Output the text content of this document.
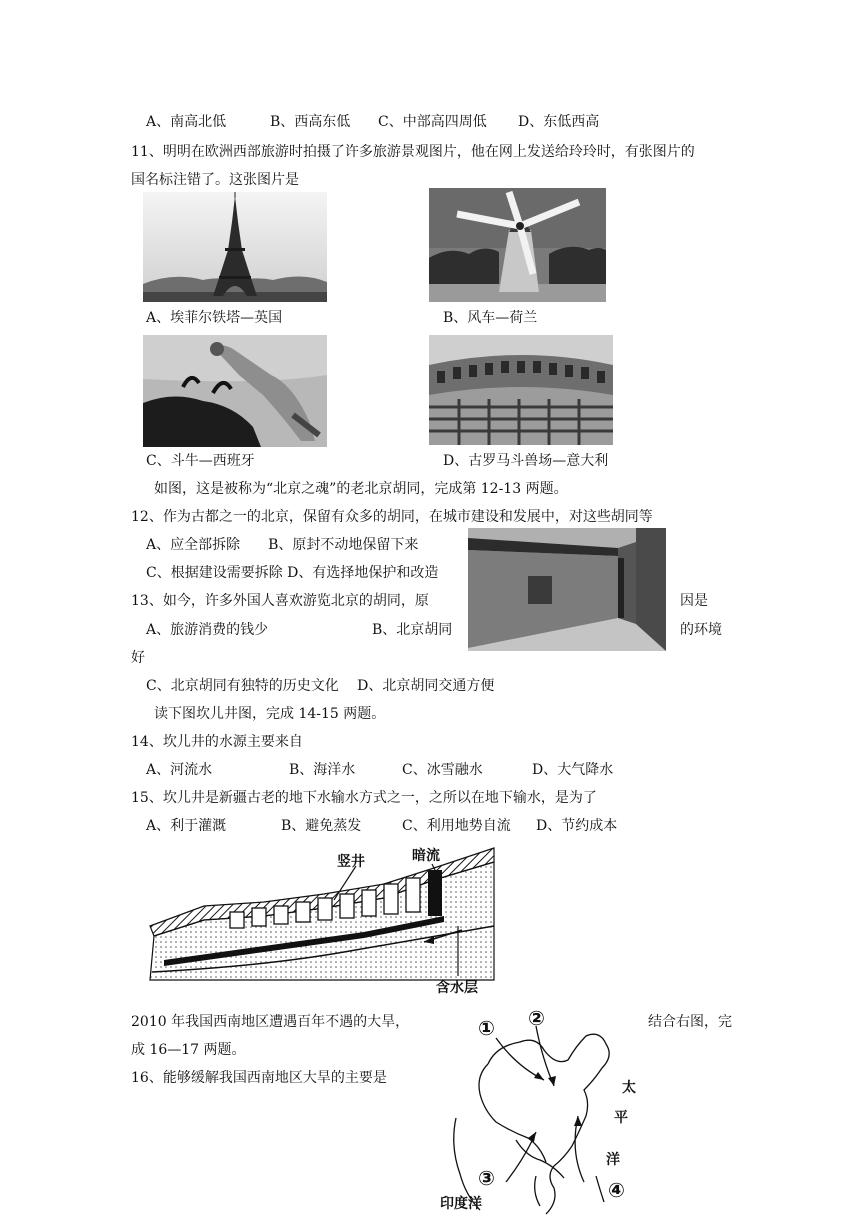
A、南高北低	B、西高东低 C、中部高四周低 D、东低西高
11、明明在欧洲西部旅游时拍摄了许多旅游景观图片，他在网上发送给玲玲时，有张图片的
国名标注错了。这张图片是
A、埃菲尔铁塔—英国	B、风车—荷兰
C、斗牛—西班牙	D、古罗马斗兽场—意大利
如图，这是被称为“北京之魂”的老北京胡同，完成第 12-13 两题。
12、作为古都之一的北京，保留有众多的胡同，在城市建设和发展中，对这些胡同等
A、应全部拆除　　B、原封不动地保留下来
C、根据建设需要拆除 D、有选择地保护和改造
13、如今，许多外国人喜欢游览北京的胡同，原	因是
A、旅游消费的钱少	B、北京胡同	的环境
好
C、北京胡同有独特的历史文化　 D、北京胡同交通方便
读下图坎儿井图，完成 14-15 两题。
14、坎儿井的水源主要来自
A、河流水	B、海洋水	C、冰雪融水	D、大气降水
15、坎儿井是新疆古老的地下水输水方式之一，之所以在地下输水，是为了
A、利于灌溉	B、避免蒸发	C、利用地势自流 D、节约成本
竖井	暗流
含水层
2010 年我国西南地区遭遇百年不遇的大旱，	结合右图，完
成 16—17 两题。
16、能够缓解我国西南地区大旱的主要是
① ②
③	④
太
平
洋
印度洋
